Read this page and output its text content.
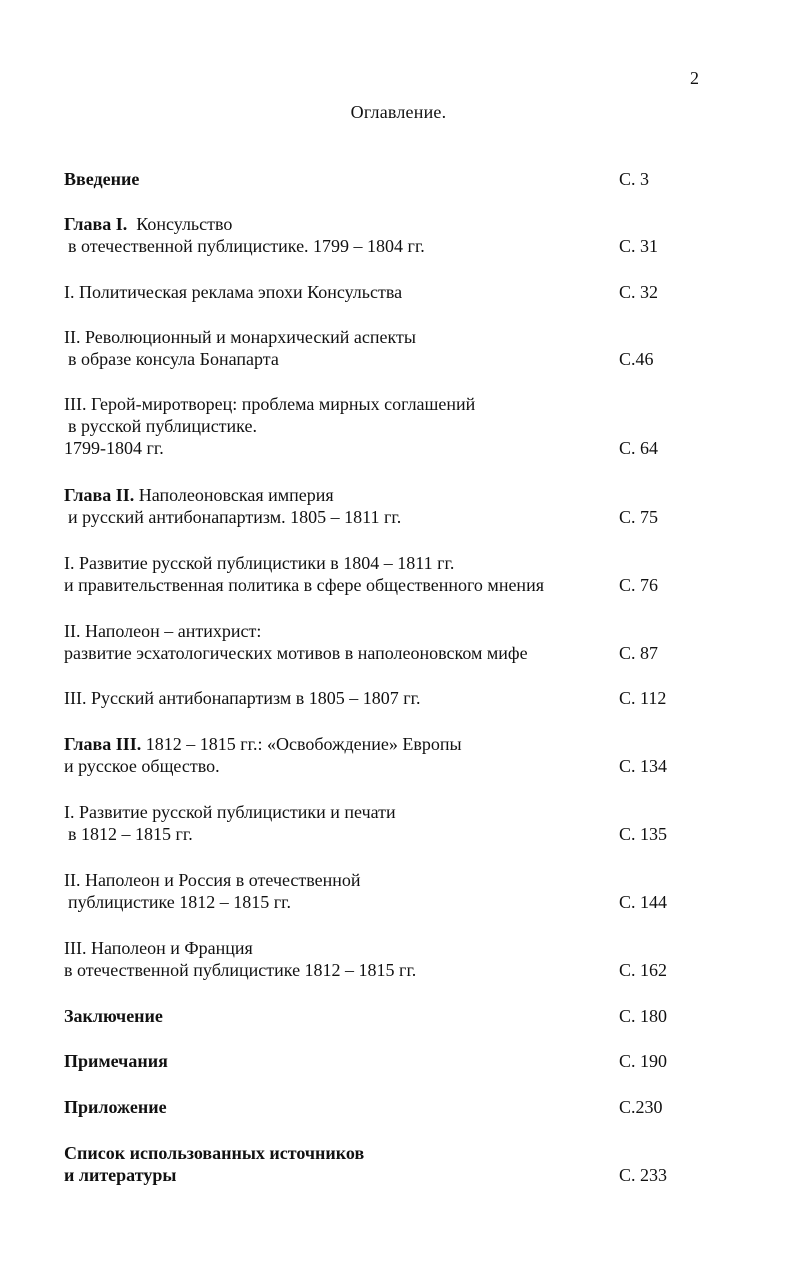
2
Оглавление.
Введение	С. 3
Глава I. Консульство
в отечественной публицистике. 1799 – 1804 гг.	С. 31
I. Политическая реклама эпохи Консульства	С. 32
II. Революционный и монархический аспекты
в образе консула Бонапарта	С.46
III. Герой-миротворец: проблема мирных соглашений
в русской публицистике.
1799-1804 гг.	С. 64
Глава II. Наполеоновская империя
и русский антибонапартизм. 1805 – 1811 гг.	С. 75
I. Развитие русской публицистики в 1804 – 1811 гг.
и правительственная политика в сфере общественного мнения	С. 76
II. Наполеон – антихрист:
развитие эсхатологических мотивов в наполеоновском мифе	С. 87
III. Русский антибонапартизм в 1805 – 1807 гг.	С. 112
Глава III. 1812 – 1815 гг.: «Освобождение» Европы
и русское общество.	С. 134
I. Развитие русской публицистики и печати
в 1812 – 1815 гг.	С. 135
II. Наполеон и Россия в отечественной
публицистике 1812 – 1815 гг.	С. 144
III. Наполеон и Франция
в отечественной публицистике 1812 – 1815 гг.	С. 162
Заключение	С. 180
Примечания	С. 190
Приложение	С.230
Список использованных источников
и литературы	С. 233
